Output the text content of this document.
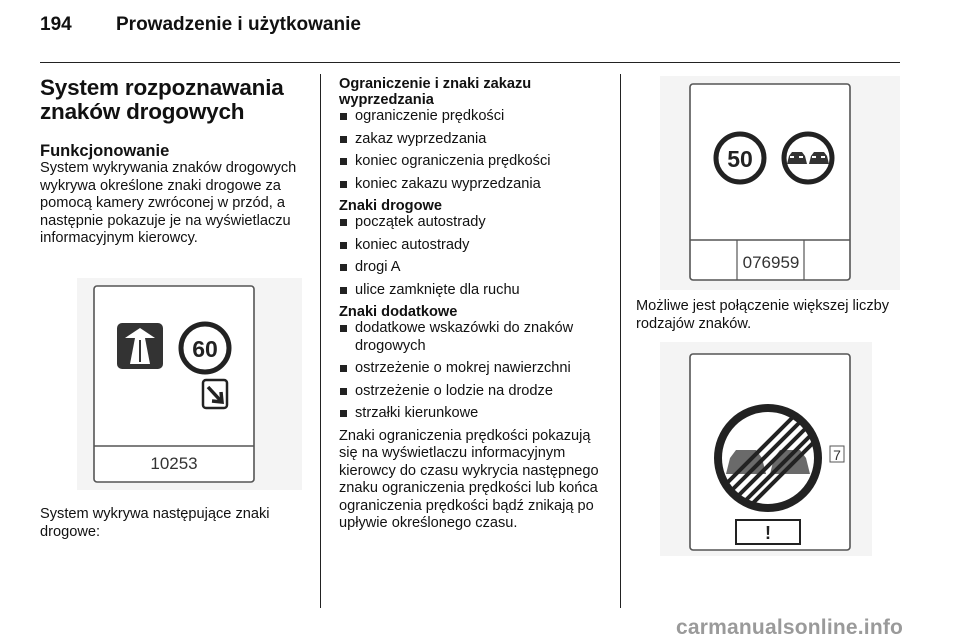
194 Prowadzenie i użytkowanie
System rozpoznawania znaków drogowych
Funkcjonowanie

System wykrywania znaków drogowych wykrywa określone znaki drogowe za pomocą kamery zwróconej w przód, a następnie pokazuje je na wyświetlaczu informacyjnym kierowcy.

System wykrywa następujące znaki drogowe:

60
10253
Ograniczenie i znaki zakazu wyprzedzania
ograniczenie prędkości
zakaz wyprzedzania
koniec ograniczenia prędkości
koniec zakazu wyprzedzania
Znaki drogowe
początek autostrady
koniec autostrady
drogi A
ulice zamknięte dla ruchu
Znaki dodatkowe
dodatkowe wskazówki do znaków drogowych
ostrzeżenie o mokrej nawierzchni
ostrzeżenie o lodzie na drodze
strzałki kierunkowe

Znaki ograniczenia prędkości pokazują się na wyświetlaczu informacyjnym kierowcy do czasu wykrycia następnego znaku ograniczenia prędkości lub końca ograniczenia prędkości bądź znikają po upływie określonego czasu.

50
076959

Możliwe jest połączenie większej liczby rodzajów znaków.

7
!
carmanualsonline.info
